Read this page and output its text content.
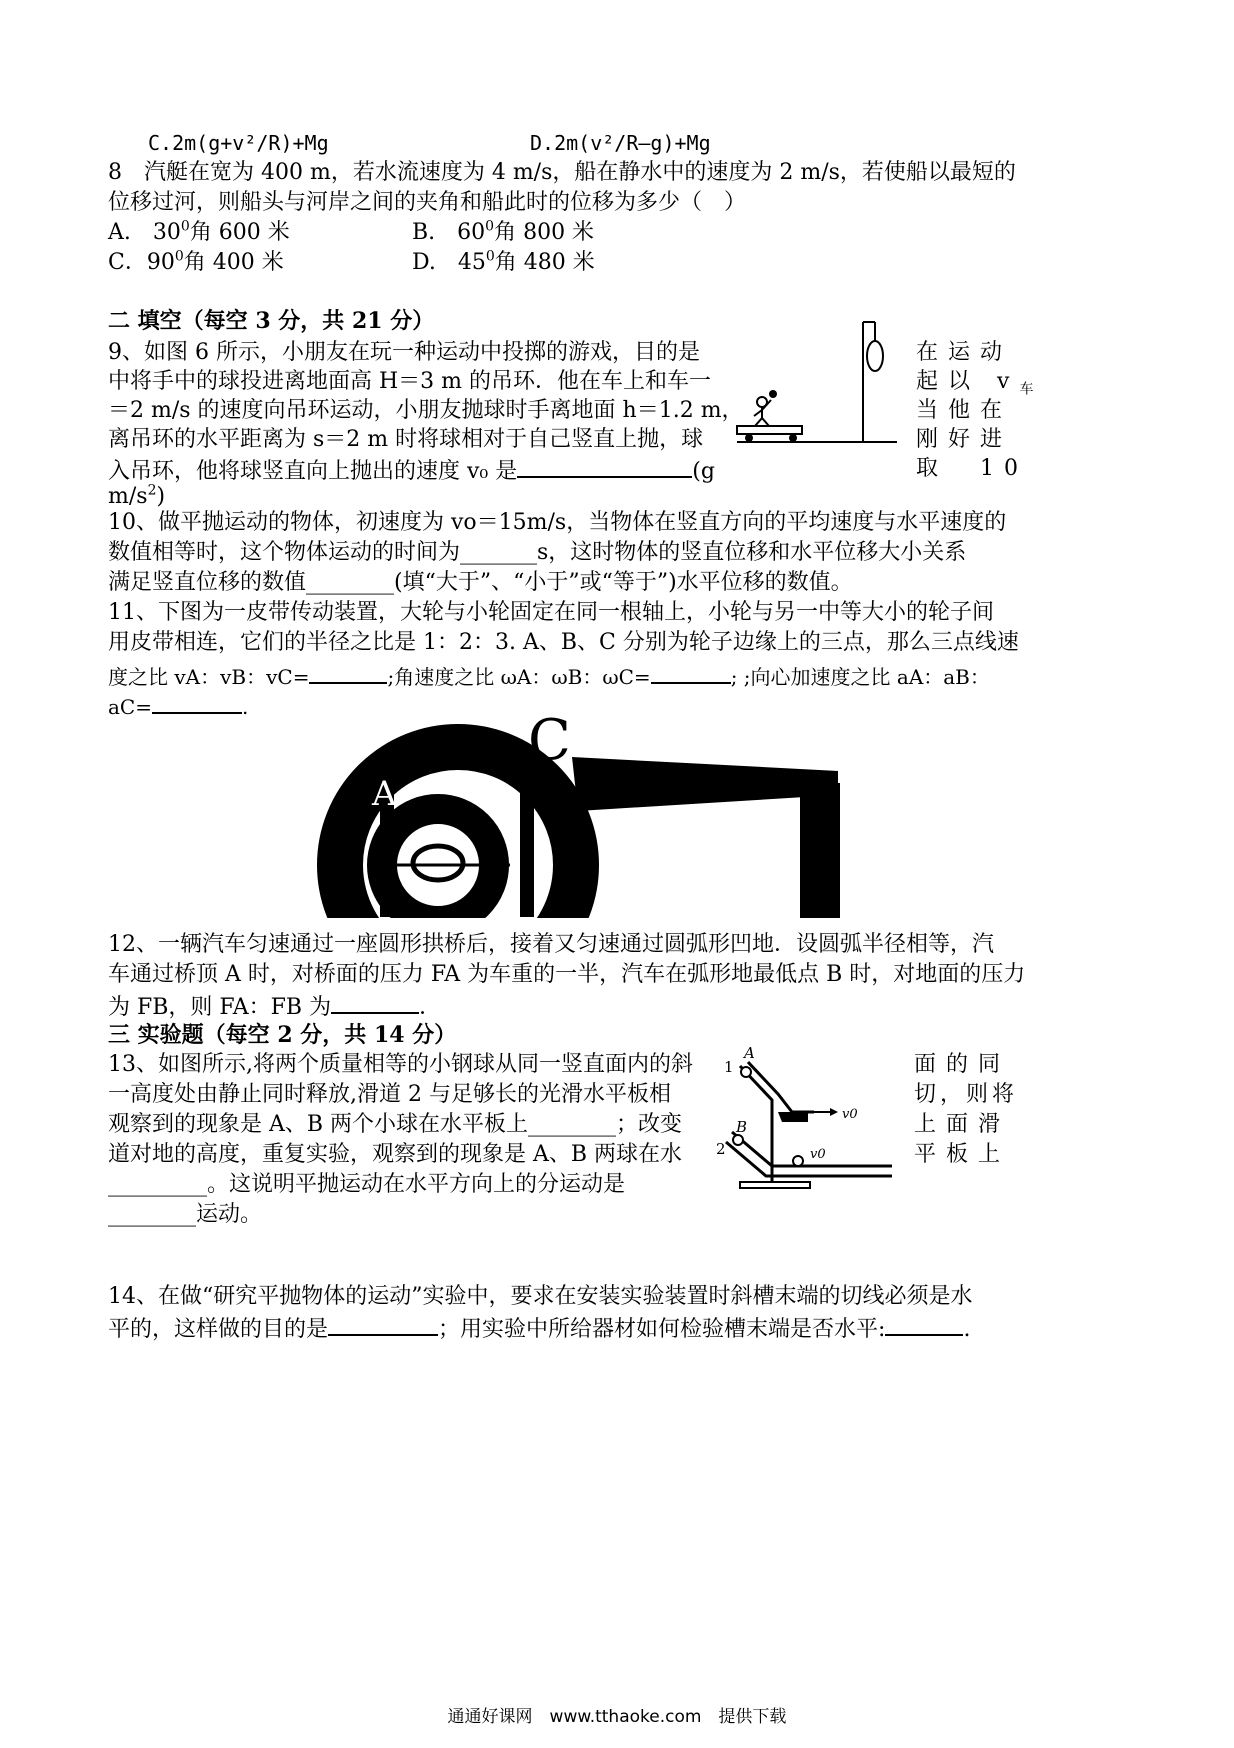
C.2m(g+v²/R)+Mg	D.2m(v²/R—g)+Mg
8　汽艇在宽为 400 m，若水流速度为 4 m/s，船在静水中的速度为 2 m/s，若使船以最短的
位移过河，则船头与河岸之间的夹角和船此时的位移为多少（　）
A.　$30^0$角 600 米	B.　$60^0$角 800 米
C．$90^0$角 400 米	D.　$45^0$角 480 米
二 填空（每空 3 分，共 21 分）
9、如图 6 所示，小朋友在玩一种运动中投掷的游戏，目的是
中将手中的球投进离地面高 H＝3 m 的吊环．他在车上和车一
＝2 m/s 的速度向吊环运动，小朋友抛球时手离地面 h＝1.2 m，
离吊环的水平距离为 s＝2 m 时将球相对于自己竖直上抛，球
入吊环，他将球竖直向上抛出的速度 v₀ 是	(g
$m/s^2$)
在运动
起以 $v_车$
当他在
刚好进
取　10
10、做平抛运动的物体，初速度为 vo＝15m/s，当物体在竖直方向的平均速度与水平速度的
数值相等时，这个物体运动的时间为_______s，这时物体的竖直位移和水平位移大小关系
满足竖直位移的数值________(填“大于”、“小于”或“等于”)水平位移的数值。
11、下图为一皮带传动装置，大轮与小轮固定在同一根轴上，小轮与另一中等大小的轮子间
用皮带相连，它们的半径之比是 1：2：3. A、B、C 分别为轮子边缘上的三点，那么三点线速
度之比 vA：vB：vC=	;角速度之比 ωA：ωB：ωC=	; ;向心加速度之比 aA：aB：
aC=	.
A
C
12、一辆汽车匀速通过一座圆形拱桥后，接着又匀速通过圆弧形凹地．设圆弧半径相等，汽
车通过桥顶 A 时，对桥面的压力 FA 为车重的一半，汽车在弧形地最低点 B 时，对地面的压力
为 FB，则 FA：FB 为	．
三 实验题（每空 2 分，共 14 分）
13、如图所示,将两个质量相等的小钢球从同一竖直面内的斜
一高度处由静止同时释放,滑道 2 与足够长的光滑水平板相
观察到的现象是 A、B 两个小球在水平板上________；改变
道对地的高度，重复实验，观察到的现象是 A、B 两球在水
_________。这说明平抛运动在水平方向上的分运动是
________运动。
面的同
切，则将
上面滑
平板上
1
A
2
B
v0
v0
14、在做“研究平抛物体的运动”实验中，要求在安装实验装置时斜槽末端的切线必须是水
平的，这样做的目的是	；用实验中所给器材如何检验槽末端是否水平:	.
通通好课网　www.tthaoke.com　提供下载
